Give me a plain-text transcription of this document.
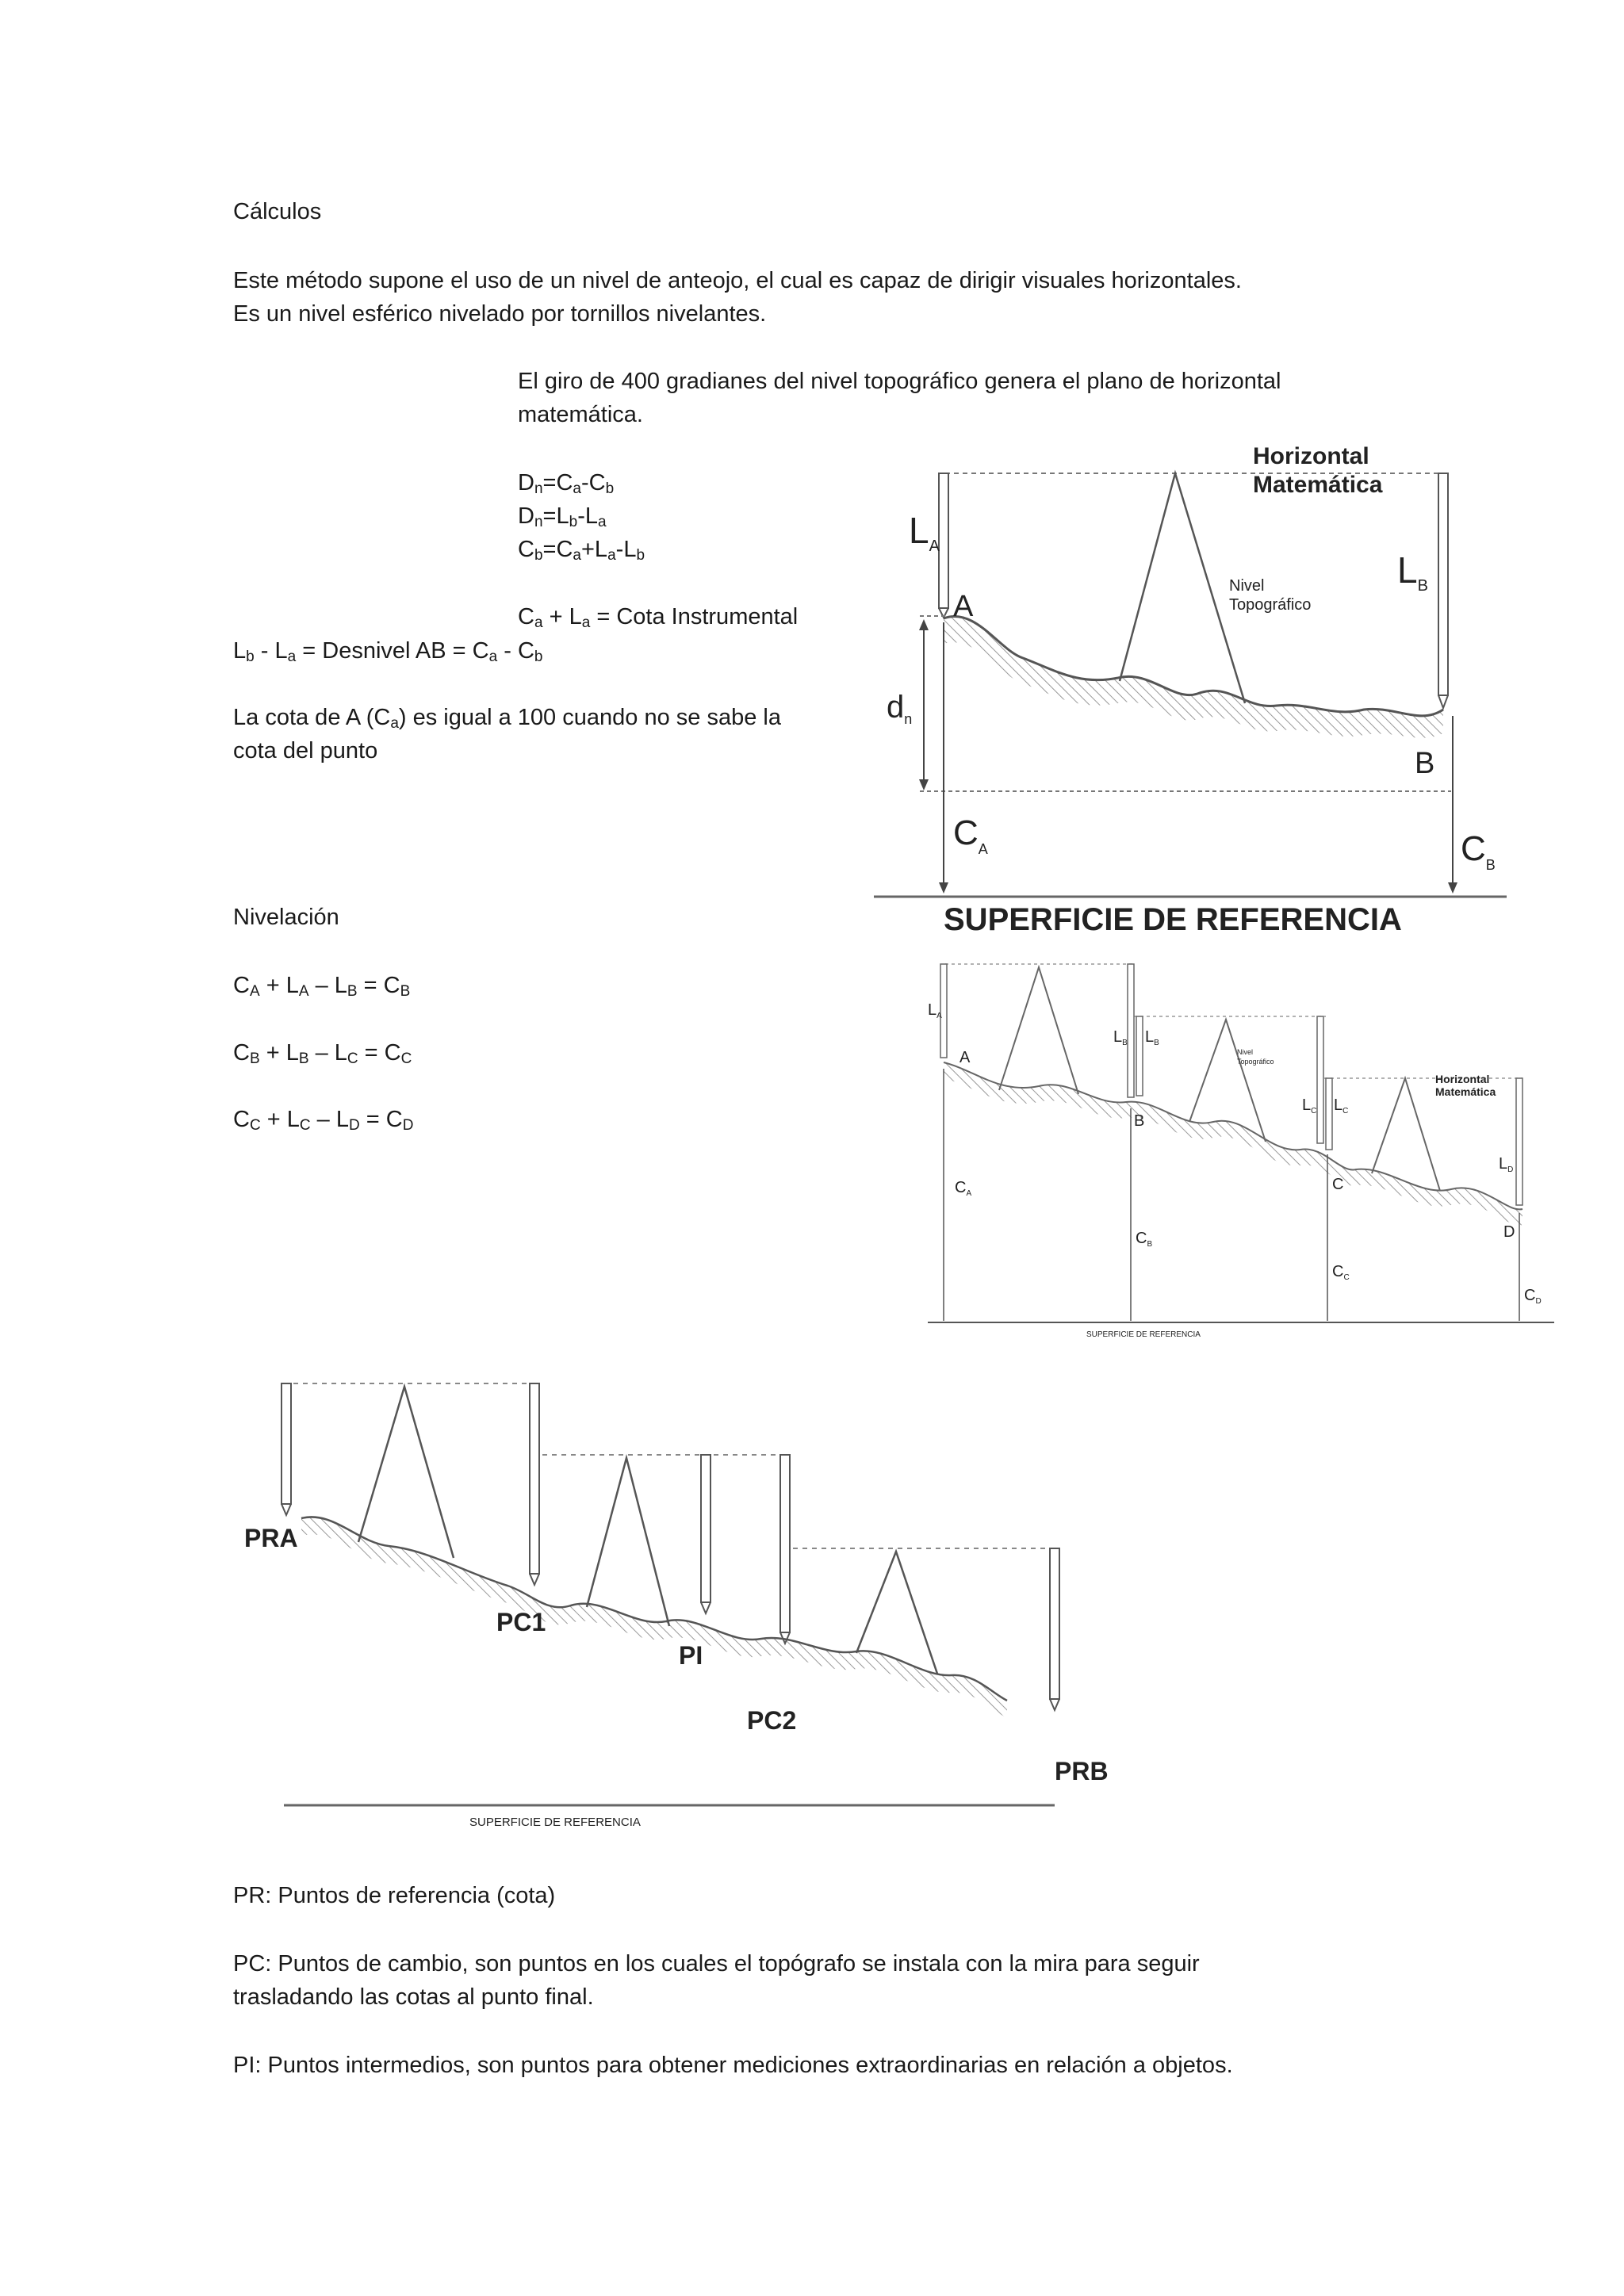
Cálculos
Este método supone el uso de un nivel de anteojo, el cual es capaz de dirigir visuales horizontales.
Es un nivel esférico nivelado por tornillos nivelantes.
El giro de 400 gradianes del nivel topográfico genera el plano de horizontal
matemática.
$D_n=C_a-C_b$
$D_n=L_b-L_a$
$C_b=C_a+L_a-L_b$
$C_a + L_a$ = Cota Instrumental
$L_b - L_a$ = Desnivel AB = $C_a - C_b$
La cota de A $(C_a)$ es igual a 100 cuando no se sabe la
cota del punto
Nivelación
$C_A + L_A - L_B = C_B$
$C_B + L_B - L_C = C_C$
$C_C + L_C - L_D = C_D$
PR: Puntos de referencia (cota)
PC: Puntos de cambio, son puntos en los cuales el topógrafo se instala con la mira para seguir
trasladando las cotas al punto final.
PI: Puntos intermedios, son puntos para obtener mediciones extraordinarias en relación a objetos.
Horizontal
Matemática
Nivel
Topográfico
$L_A$
$L_B$
A
B
$d_n$
$C_A$	$C_B$
SUPERFICIE DE REFERENCIA
$L_A$
$L_B$ $L_B$
Nivel
Topográfico
$L_C$ $L_C$
Horizontal
Matemática
$L_D$
A
B
C
D
$C_A$
$C_B$
$C_C$
$C_D$
SUPERFICIE DE REFERENCIA
PRA
PC1
PI
PC2
PRB
SUPERFICIE DE REFERENCIA
